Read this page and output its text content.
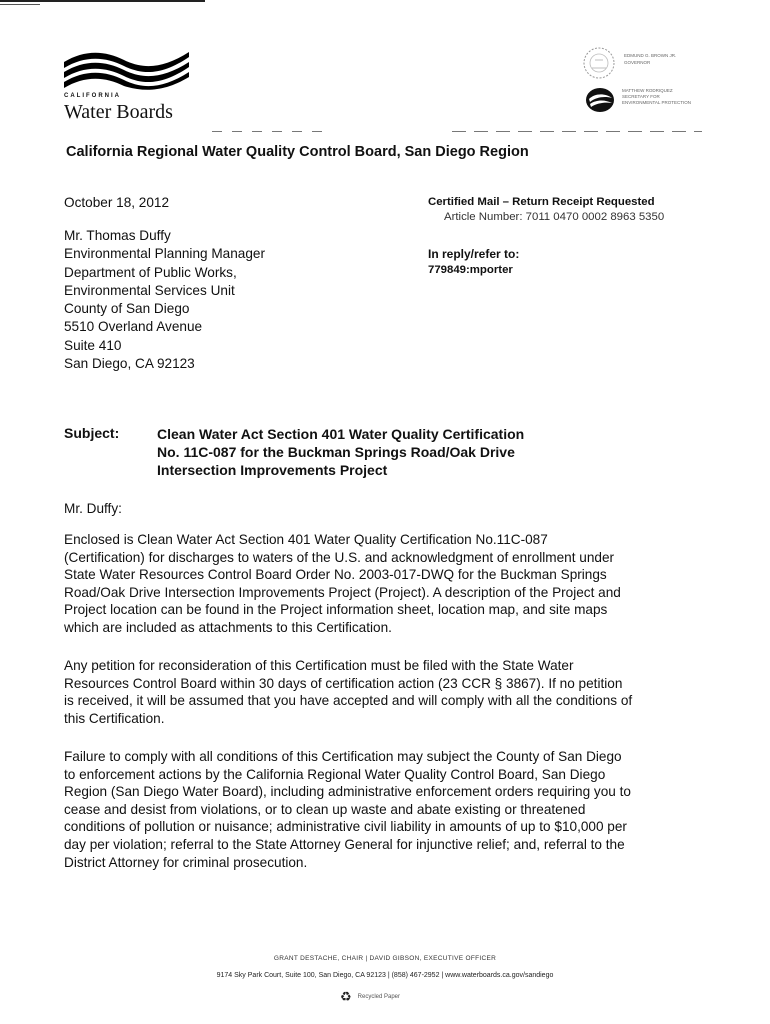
CALIFORNIA
Water Boards
EDMUND G. BROWN JR.
GOVERNOR
MATTHEW RODRIQUEZ
SECRETARY FOR
ENVIRONMENTAL PROTECTION
California Regional Water Quality Control Board, San Diego Region
October 18, 2012	Certified Mail – Return Receipt Requested
Article Number: 7011 0470 0002 8963 5350
In reply/refer to:
779849:mporter
Mr. Thomas Duffy
Environmental Planning Manager
Department of Public Works,
Environmental Services Unit
County of San Diego
5510 Overland Avenue
Suite 410
San Diego, CA 92123
Subject:	Clean Water Act Section 401 Water Quality Certification
No. 11C-087 for the Buckman Springs Road/Oak Drive
Intersection Improvements Project
Mr. Duffy:
Enclosed is Clean Water Act Section 401 Water Quality Certification No.11C-087
(Certification) for discharges to waters of the U.S. and acknowledgment of enrollment under
State Water Resources Control Board Order No. 2003-017-DWQ for the Buckman Springs
Road/Oak Drive Intersection Improvements Project (Project). A description of the Project and
Project location can be found in the Project information sheet, location map, and site maps
which are included as attachments to this Certification.
Any petition for reconsideration of this Certification must be filed with the State Water
Resources Control Board within 30 days of certification action (23 CCR § 3867). If no petition
is received, it will be assumed that you have accepted and will comply with all the conditions of
this Certification.
Failure to comply with all conditions of this Certification may subject the County of San Diego
to enforcement actions by the California Regional Water Quality Control Board, San Diego
Region (San Diego Water Board), including administrative enforcement orders requiring you to
cease and desist from violations, or to clean up waste and abate existing or threatened
conditions of pollution or nuisance; administrative civil liability in amounts of up to $10,000 per
day per violation; referral to the State Attorney General for injunctive relief; and, referral to the
District Attorney for criminal prosecution.
GRANT DESTACHE, CHAIR | DAVID GIBSON, EXECUTIVE OFFICER
9174 Sky Park Court, Suite 100, San Diego, CA 92123 | (858) 467-2952 | www.waterboards.ca.gov/sandiego
♻ Recycled Paper
